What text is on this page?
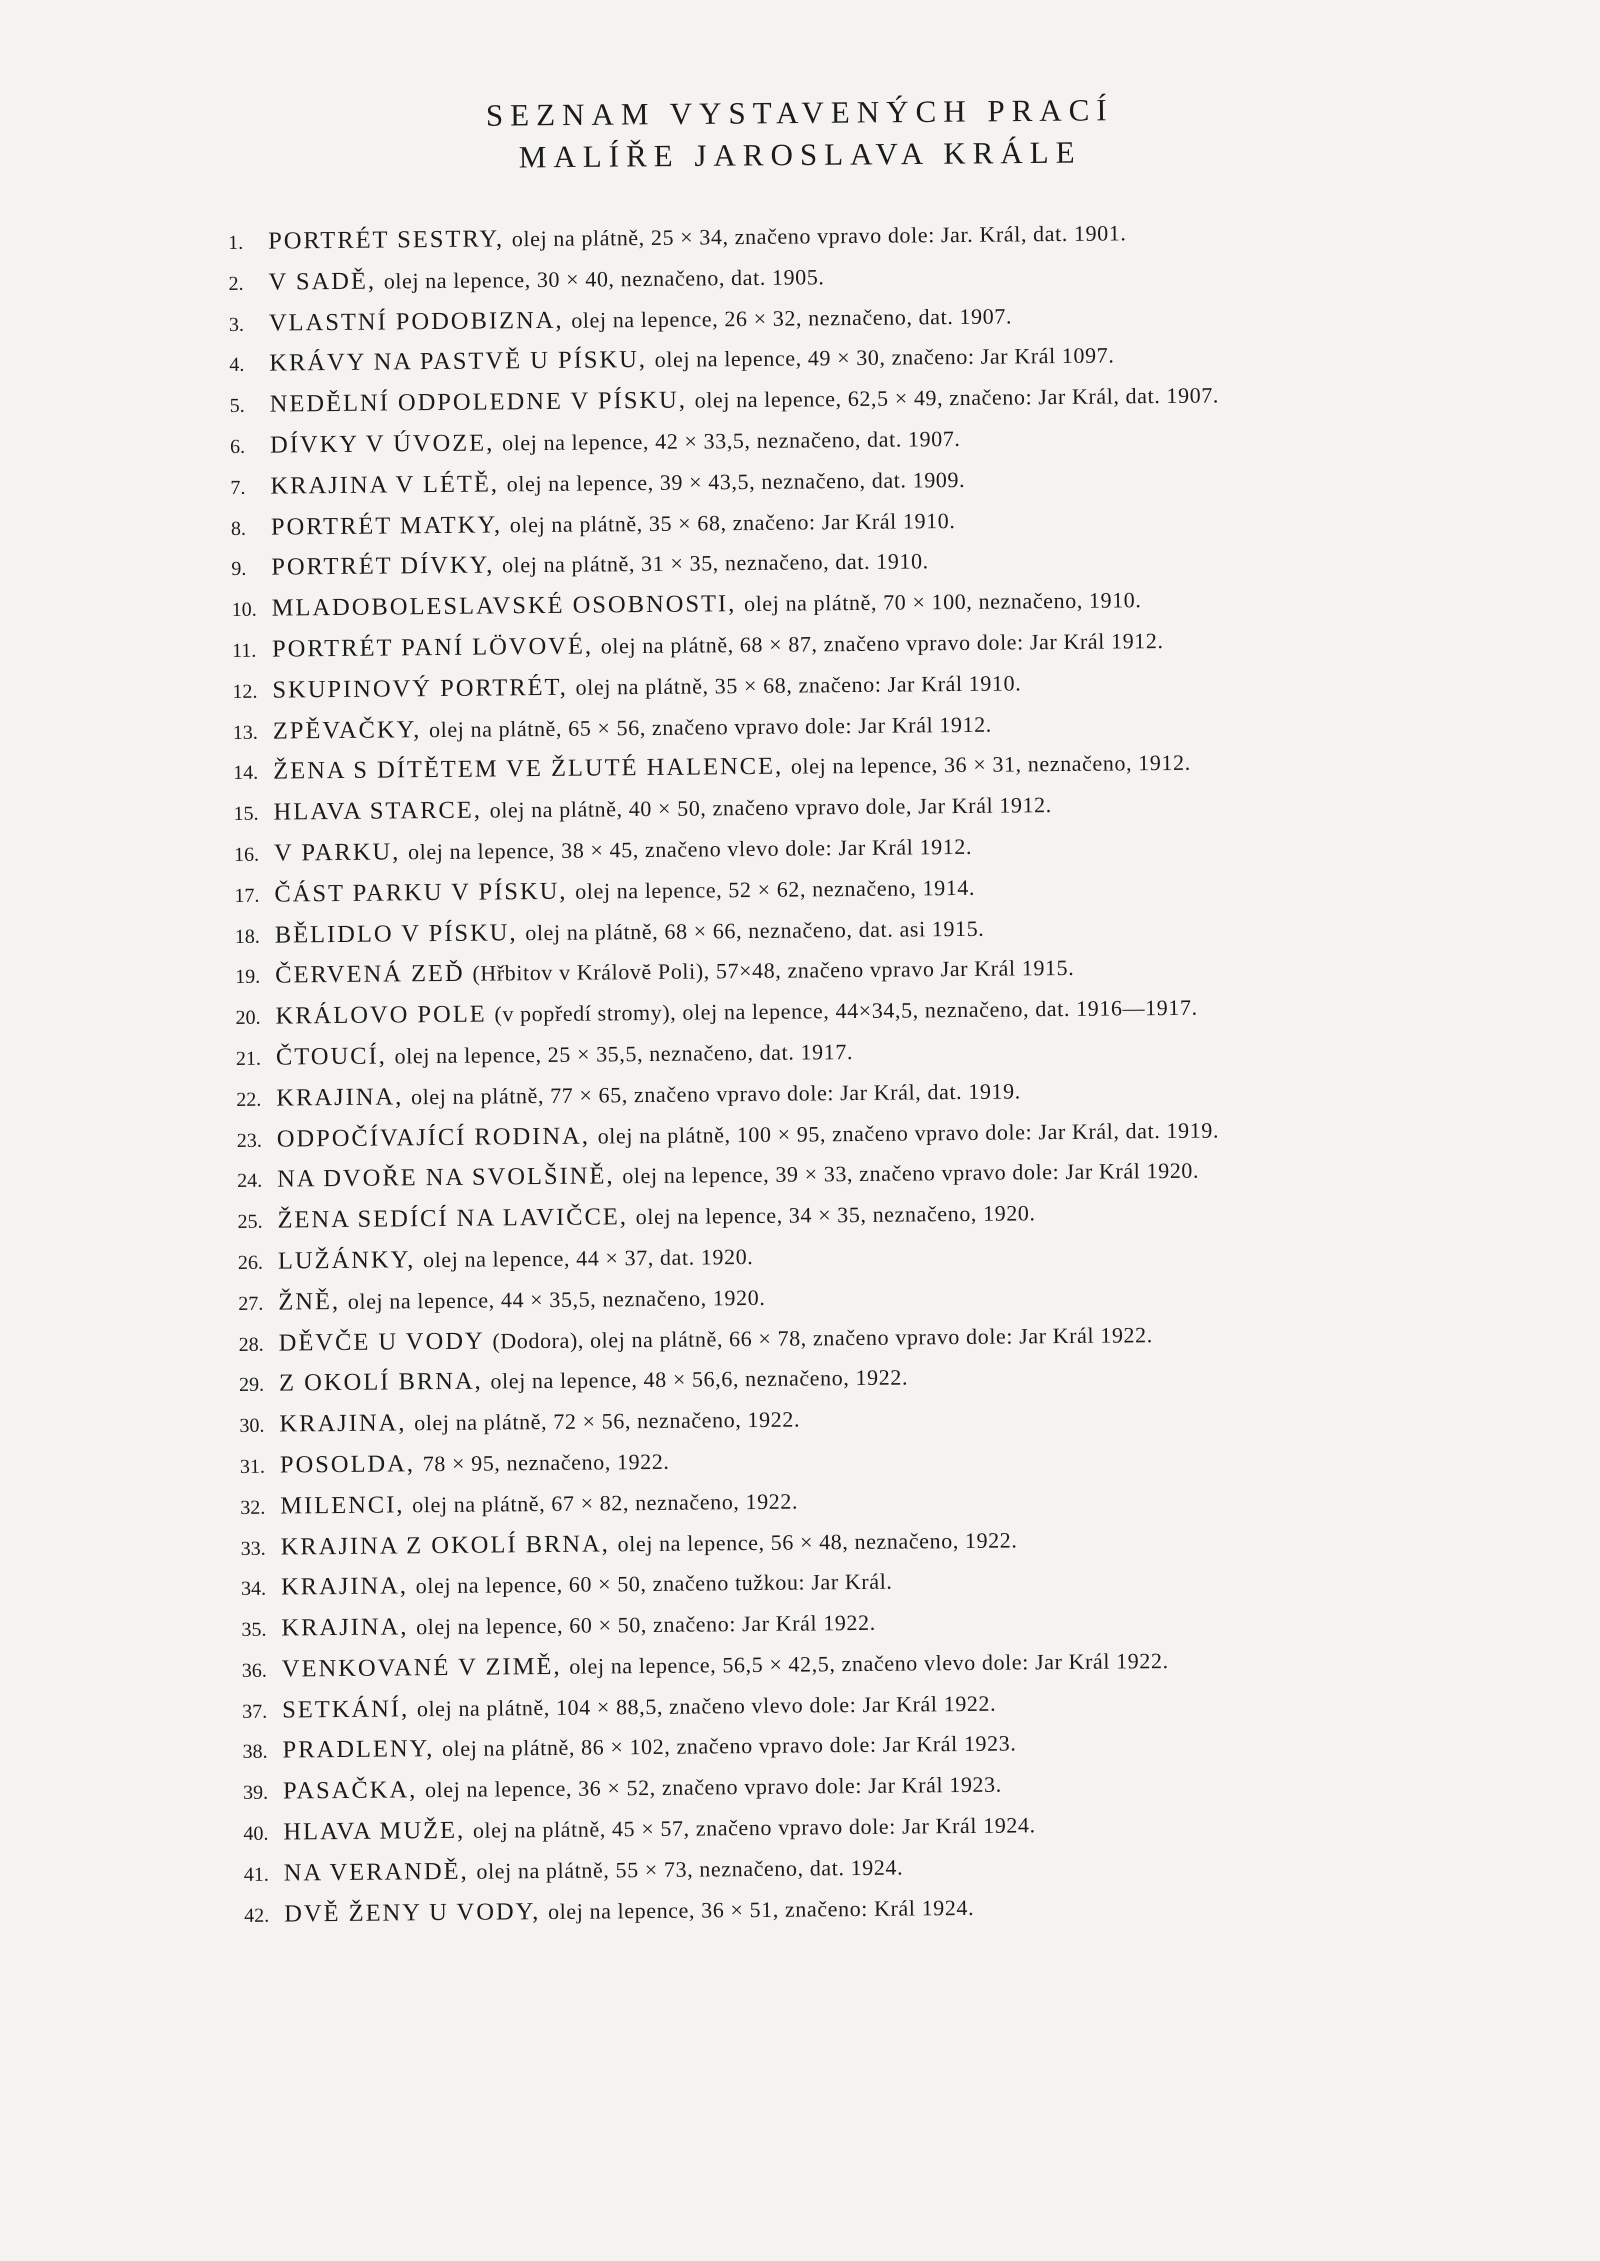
SEZNAM VYSTAVENÝCH PRACÍ
MALÍŘE JAROSLAVA KRÁLE
1.	PORTRÉT SESTRY,
olej na plátně, 25 × 34, značeno vpravo dole: Jar. Král, dat. 1901.
2.	V SADĚ,
olej na lepence, 30 × 40, neznačeno, dat. 1905.
3.	VLASTNÍ PODOBIZNA,
olej na lepence, 26 × 32, neznačeno, dat. 1907.
4.	KRÁVY NA PASTVĚ U PÍSKU,
olej na lepence, 49 × 30, značeno: Jar Král 1097.
5.	NEDĚLNÍ ODPOLEDNE V PÍSKU,
olej na lepence, 62,5 × 49, značeno: Jar Král, dat. 1907.
6.	DÍVKY V ÚVOZE,
olej na lepence, 42 × 33,5, neznačeno, dat. 1907.
7.	KRAJINA V LÉTĚ,
olej na lepence, 39 × 43,5, neznačeno, dat. 1909.
8.	PORTRÉT MATKY,
olej na plátně, 35 × 68, značeno: Jar Král 1910.
9.	PORTRÉT DÍVKY,
olej na plátně, 31 × 35, neznačeno, dat. 1910.
10. MLADOBOLESLAVSKÉ OSOBNOSTI,
olej na plátně, 70 × 100, neznačeno, 1910.
11. PORTRÉT PANÍ LÖVOVÉ,
olej na plátně, 68 × 87, značeno vpravo dole: Jar Král 1912.
12. SKUPINOVÝ PORTRÉT,
olej na plátně, 35 × 68, značeno: Jar Král 1910.
13. ZPĚVAČKY,
olej na plátně, 65 × 56, značeno vpravo dole: Jar Král 1912.
14. ŽENA S DÍTĚTEM VE ŽLUTÉ HALENCE,
olej na lepence, 36 × 31, neznačeno, 1912.
15. HLAVA STARCE,
olej na plátně, 40 × 50, značeno vpravo dole, Jar Král 1912.
16. V PARKU,
olej na lepence, 38 × 45, značeno vlevo dole: Jar Král 1912.
17. ČÁST PARKU V PÍSKU,
olej na lepence, 52 × 62, neznačeno, 1914.
18. BĚLIDLO V PÍSKU,
olej na plátně, 68 × 66, neznačeno, dat. asi 1915.
19. ČERVENÁ ZEĎ
(Hřbitov v Královĕ Poli), 57×48, značeno vpravo Jar Král 1915.
20. KRÁLOVO POLE
(v popředí stromy), olej na lepence, 44×34,5, neznačeno, dat. 1916—1917.
21. ČTOUCÍ,
olej na lepence, 25 × 35,5, neznačeno, dat. 1917.
22. KRAJINA,
olej na plátně, 77 × 65, značeno vpravo dole: Jar Král, dat. 1919.
23. ODPOČÍVAJÍCÍ RODINA,
olej na plátně, 100 × 95, značeno vpravo dole: Jar Král, dat. 1919.
24. NA DVOŘE NA SVOLŠINĚ,
olej na lepence, 39 × 33, značeno vpravo dole: Jar Král 1920.
25. ŽENA SEDÍCÍ NA LAVIČCE,
olej na lepence, 34 × 35, neznačeno, 1920.
26. LUŽÁNKY,
olej na lepence, 44 × 37, dat. 1920.
27. ŽNĚ,
olej na lepence, 44 × 35,5, neznačeno, 1920.
28. DĚVČE U VODY
(Dodora), olej na plátně, 66 × 78, značeno vpravo dole: Jar Král 1922.
29. Z OKOLÍ BRNA,
olej na lepence, 48 × 56,6, neznačeno, 1922.
30. KRAJINA,
olej na plátně, 72 × 56, neznačeno, 1922.
31. POSOLDA,
78 × 95, neznačeno, 1922.
32. MILENCI,
olej na plátně, 67 × 82, neznačeno, 1922.
33. KRAJINA Z OKOLÍ BRNA,
olej na lepence, 56 × 48, neznačeno, 1922.
34. KRAJINA,
olej na lepence, 60 × 50, značeno tužkou: Jar Král.
35. KRAJINA,
olej na lepence, 60 × 50, značeno: Jar Král 1922.
36. VENKOVANÉ V ZIMĚ,
olej na lepence, 56,5 × 42,5, značeno vlevo dole: Jar Král 1922.
37. SETKÁNÍ,
olej na plátně, 104 × 88,5, značeno vlevo dole: Jar Král 1922.
38. PRADLENY,
olej na plátně, 86 × 102, značeno vpravo dole: Jar Král 1923.
39. PASAČKA,
olej na lepence, 36 × 52, značeno vpravo dole: Jar Král 1923.
40. HLAVA MUŽE,
olej na plátně, 45 × 57, značeno vpravo dole: Jar Král 1924.
41. NA VERANDĚ,
olej na plátně, 55 × 73, neznačeno, dat. 1924.
42. DVĚ ŽENY U VODY,
olej na lepence, 36 × 51, značeno: Král 1924.
